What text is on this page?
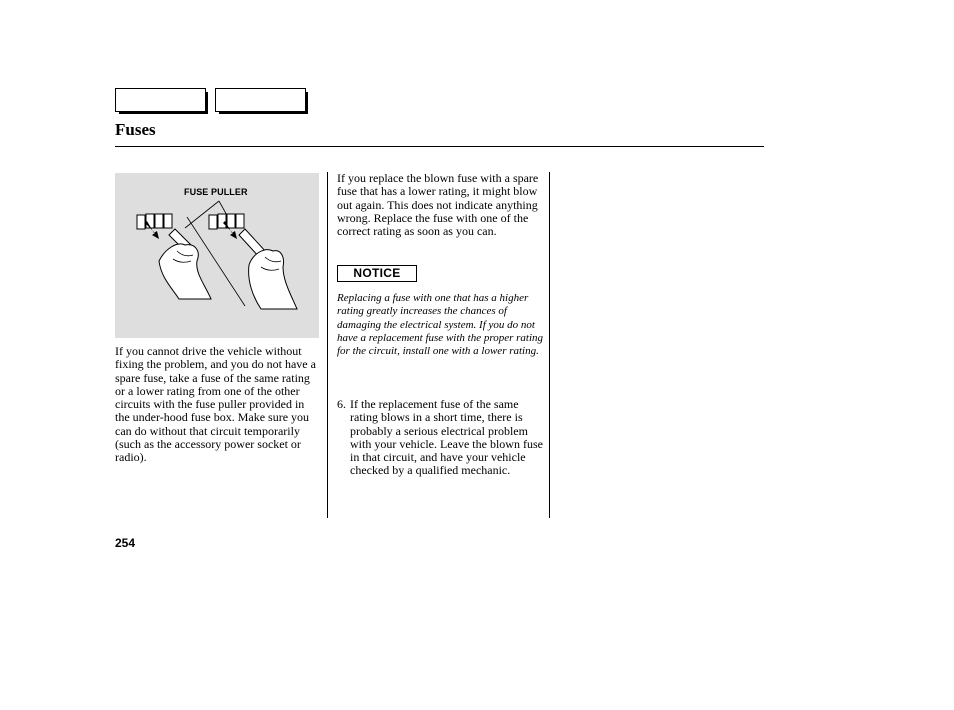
Fuses
FUSE PULLER

If you cannot drive the vehicle without fixing the problem, and you do not have a spare fuse, take a fuse of the same rating or a lower rating from one of the other circuits with the fuse puller provided in the under-hood fuse box. Make sure you can do without that circuit temporarily (such as the accessory power socket or radio).

If you replace the blown fuse with a spare fuse that has a lower rating, it might blow out again. This does not indicate anything wrong. Replace the fuse with one of the correct rating as soon as you can.

NOTICE

Replacing a fuse with one that has a higher rating greatly increases the chances of damaging the electrical system. If you do not have a replacement fuse with the proper rating for the circuit, install one with a lower rating.

6. If the replacement fuse of the same rating blows in a short time, there is probably a serious electrical problem with your vehicle. Leave the blown fuse in that circuit, and have your vehicle checked by a qualified mechanic.
254
